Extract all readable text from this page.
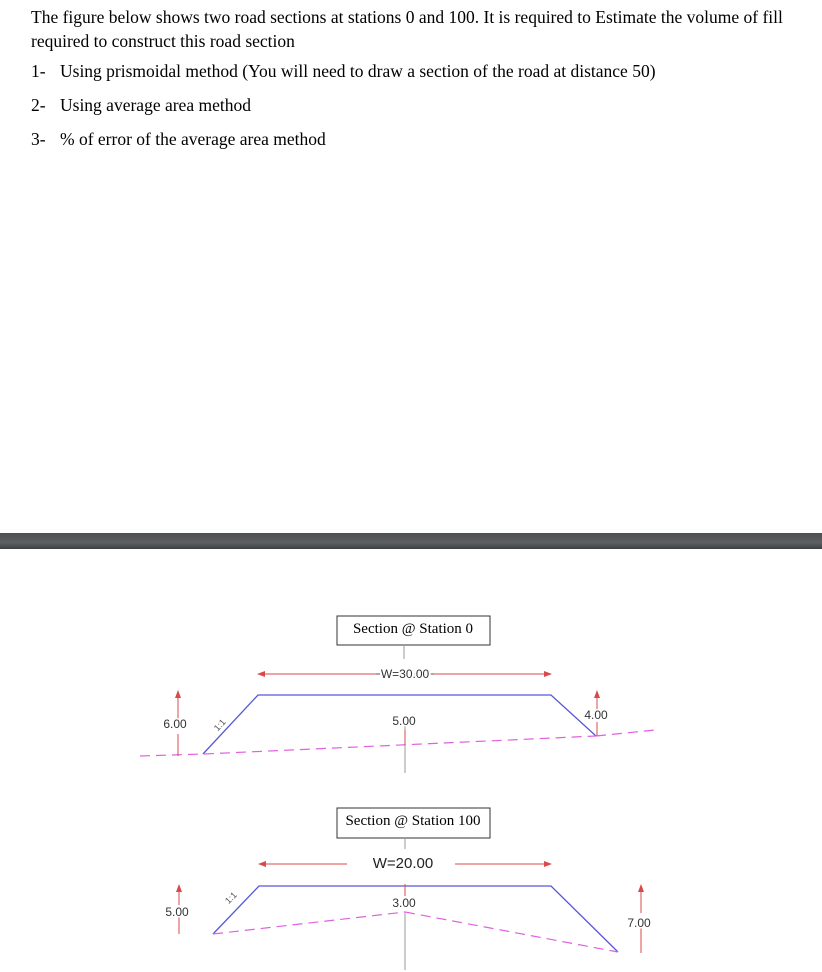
The figure below shows two road sections at stations 0 and 100. It is required to Estimate the volume of fill required to construct this road section

1- Using prismoidal method (You will need to draw a section of the road at distance 50)
2- Using average area method
3- % of error of the average area method
Section @ Station 0
W=30.00
6.00	1:1	5.00	4.00
Section @ Station 100
W=20.00
5.00
1:1	3.00
7.00
